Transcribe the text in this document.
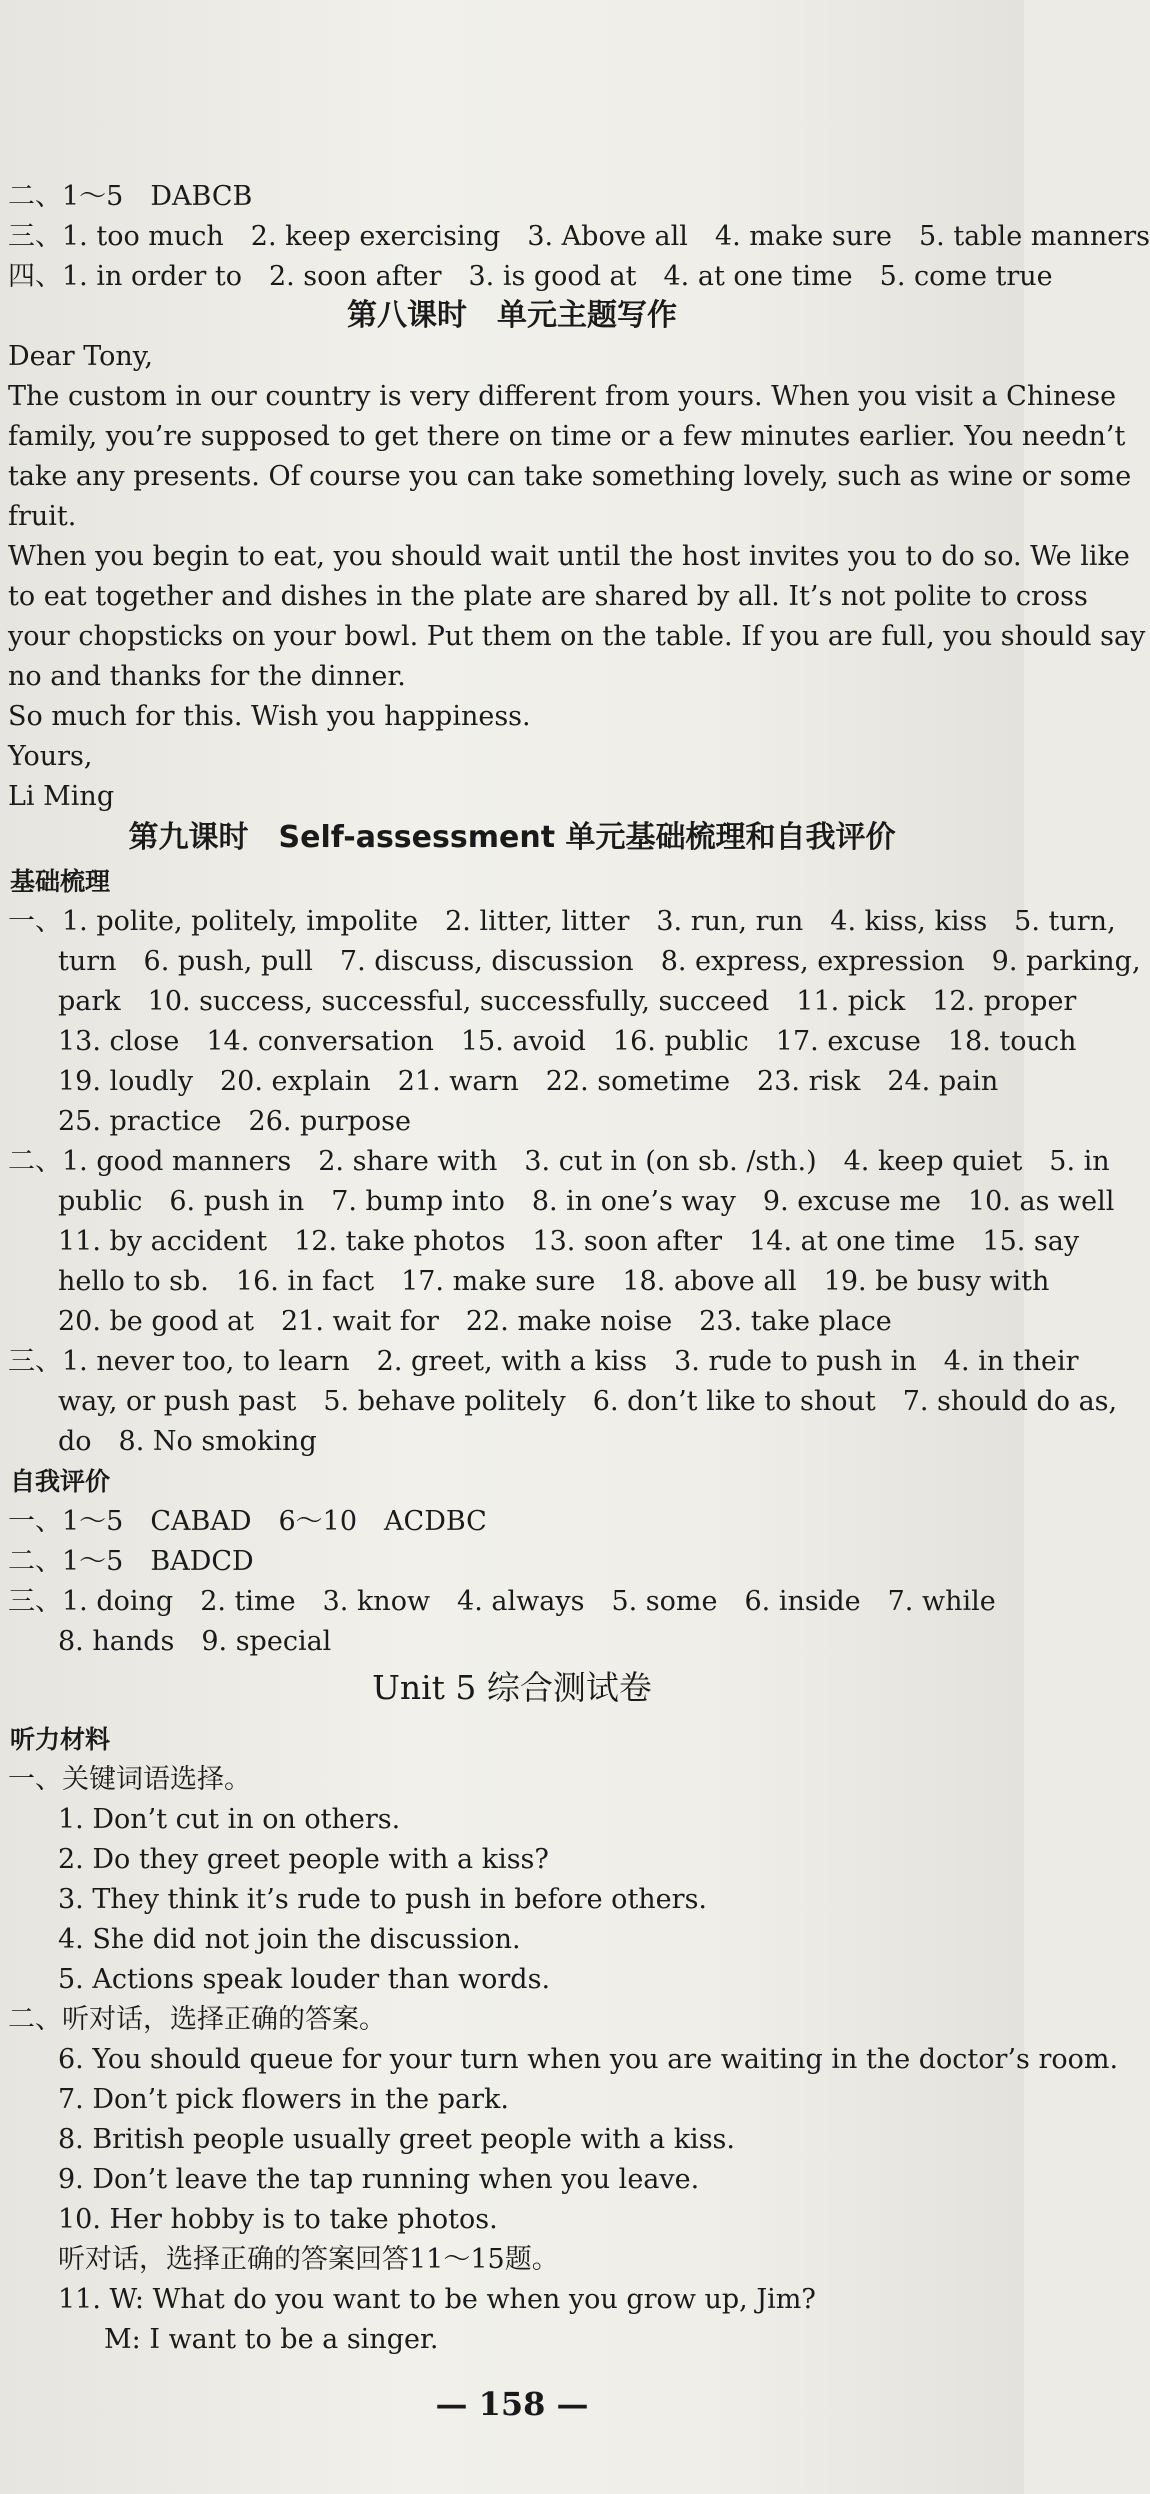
二、1～5　DABCB
三、1. too much　2. keep exercising　3. Above all　4. make sure　5. table manners
四、1. in order to　2. soon after　3. is good at　4. at one time　5. come true
第八课时　单元主题写作
Dear Tony,
The custom in our country is very different from yours. When you visit a Chinese
family, you’re supposed to get there on time or a few minutes earlier. You needn’t
take any presents. Of course you can take something lovely, such as wine or some
fruit.
When you begin to eat, you should wait until the host invites you to do so. We like
to eat together and dishes in the plate are shared by all. It’s not polite to cross
your chopsticks on your bowl. Put them on the table. If you are full, you should say
no and thanks for the dinner.
So much for this. Wish you happiness.
Yours,
Li Ming
第九课时　Self-assessment 单元基础梳理和自我评价
基础梳理
一、1. polite, politely, impolite　2. litter, litter　3. run, run　4. kiss, kiss　5. turn,
turn　6. push, pull　7. discuss, discussion　8. express, expression　9. parking,
park　10. success, successful, successfully, succeed　11. pick　12. proper
13. close　14. conversation　15. avoid　16. public　17. excuse　18. touch
19. loudly　20. explain　21. warn　22. sometime　23. risk　24. pain
25. practice　26. purpose
二、1. good manners　2. share with　3. cut in (on sb. /sth.)　4. keep quiet　5. in
public　6. push in　7. bump into　8. in one’s way　9. excuse me　10. as well
11. by accident　12. take photos　13. soon after　14. at one time　15. say
hello to sb.　16. in fact　17. make sure　18. above all　19. be busy with
20. be good at　21. wait for　22. make noise　23. take place
三、1. never too, to learn　2. greet, with a kiss　3. rude to push in　4. in their
way, or push past　5. behave politely　6. don’t like to shout　7. should do as,
do　8. No smoking
自我评价
一、1～5　CABAD　6～10　ACDBC
二、1～5　BADCD
三、1. doing　2. time　3. know　4. always　5. some　6. inside　7. while
8. hands　9. special
Unit 5 综合测试卷
听力材料
一、关键词语选择。
1. Don’t cut in on others.
2. Do they greet people with a kiss?
3. They think it’s rude to push in before others.
4. She did not join the discussion.
5. Actions speak louder than words.
二、听对话，选择正确的答案。
6. You should queue for your turn when you are waiting in the doctor’s room.
7. Don’t pick flowers in the park.
8. British people usually greet people with a kiss.
9. Don’t leave the tap running when you leave.
10. Her hobby is to take photos.
听对话，选择正确的答案回答11～15题。
11. W: What do you want to be when you grow up, Jim?
M: I want to be a singer.
— 158 —
